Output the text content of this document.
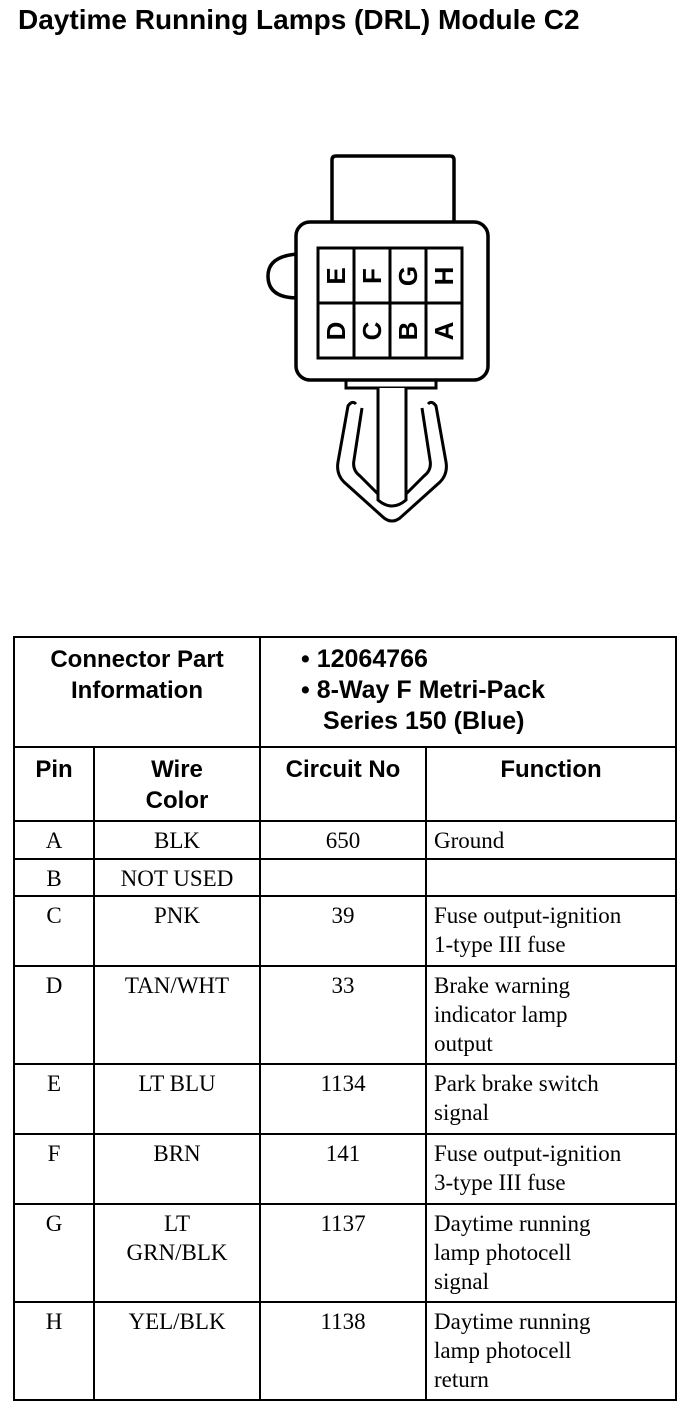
Daytime Running Lamps (DRL) Module C2
E F G H
D C B A
Connector Part
Information		• 12064766
• 8-Way F Metri-Pack
Series 150 (Blue)	

Pin	Wire
Color	Circuit No	Function
A	BLK	650	Ground

B	NOT USED		

C	PNK	39	Fuse output-ignition
1-type III fuse

D	TAN/WHT	33	Brake warning
indicator lamp
output

E	LT BLU	1134	Park brake switch
signal

F	BRN	141	Fuse output-ignition
3-type III fuse

G	LT
GRN/BLK	1137	Daytime running
lamp photocell
signal

H	YEL/BLK	1138	Daytime running
lamp photocell
return
